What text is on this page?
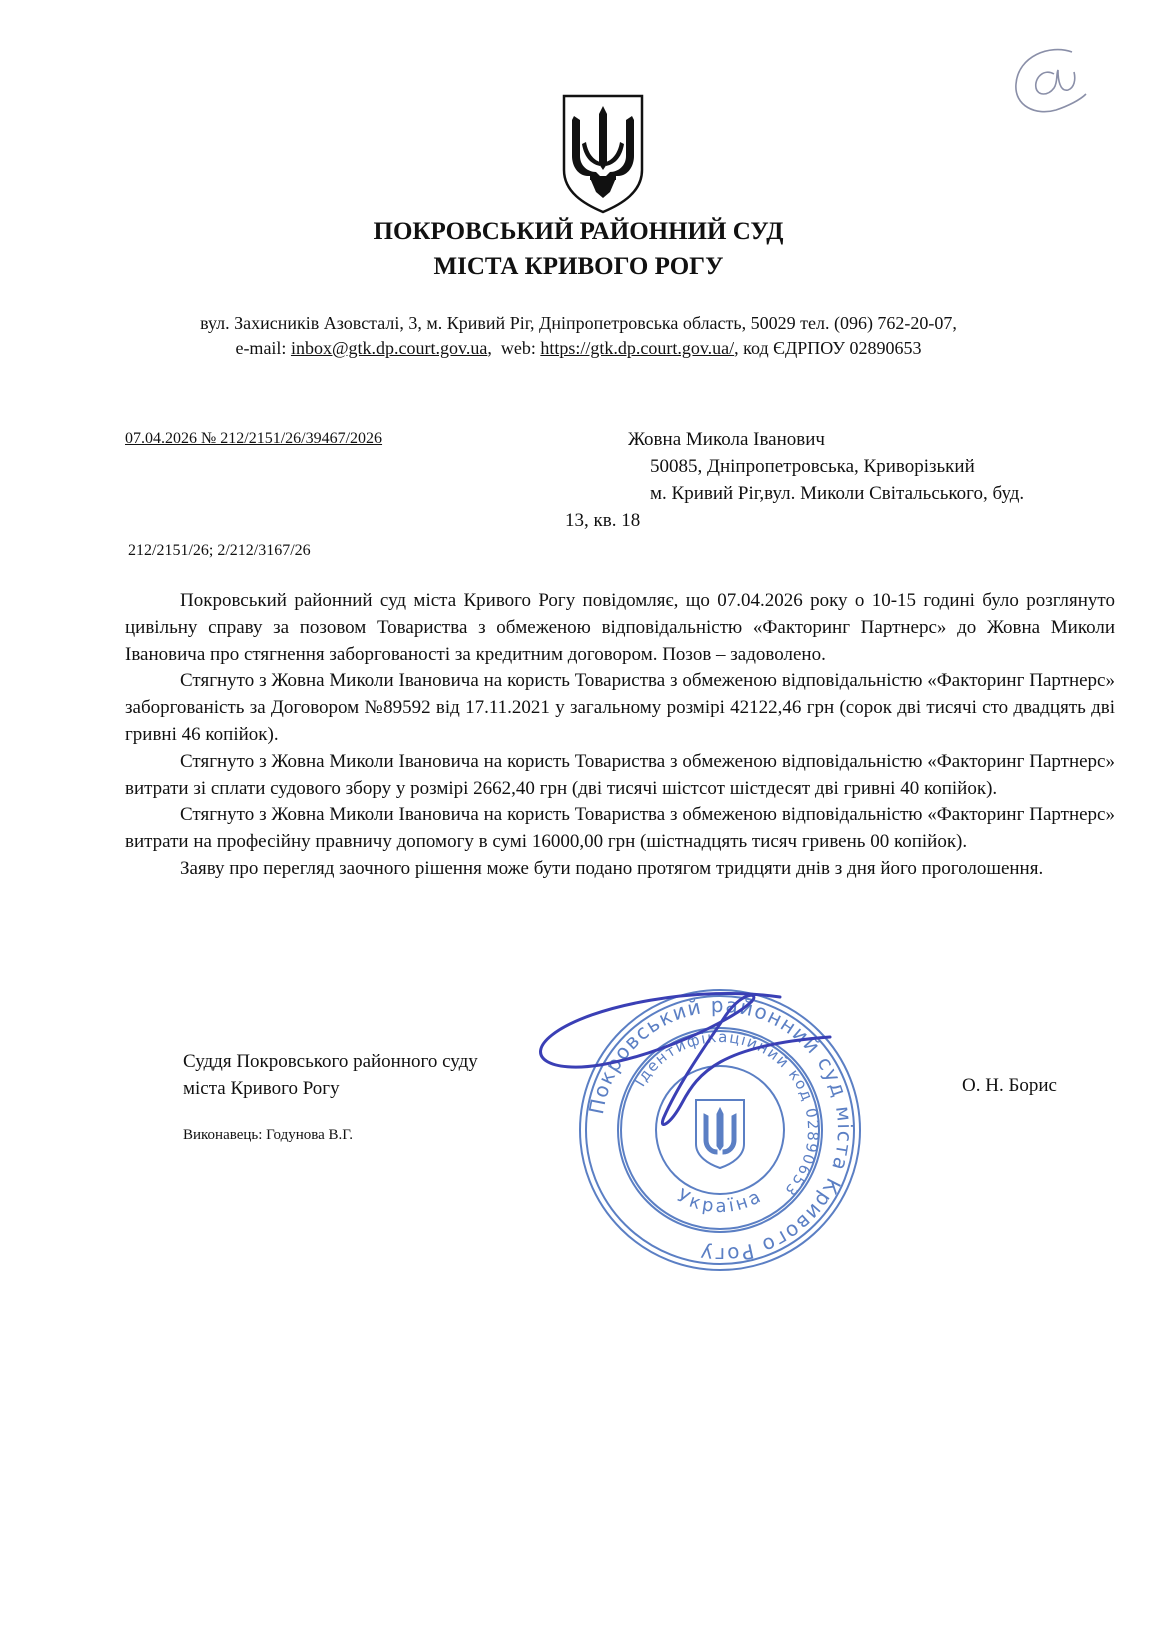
ПОКРОВСЬКИЙ РАЙОННИЙ СУД
МІСТА КРИВОГО РОГУ
вул. Захисників Азовсталі, 3, м. Кривий Ріг, Дніпропетровська область, 50029 тел. (096) 762-20-07,
e-mail: inbox@gtk.dp.court.gov.ua,  web: https://gtk.dp.court.gov.ua/, код ЄДРПОУ 02890653
07.04.2026 № 212/2151/26/39467/2026	Жовна Микола Іванович
50085, Дніпропетровська, Криворізький
м. Кривий Ріг,вул. Миколи Світальського, буд.
13, кв. 18
212/2151/26; 2/212/3167/26

Покровський районний суд міста Кривого Рогу повідомляє, що 07.04.2026 року о 10-15 годині було розглянуто цивільну справу за позовом Товариства з обмеженою відповідальністю «Факторинг Партнерс» до Жовна Миколи Івановича про стягнення заборгованості за кредитним договором. Позов – задоволено.

Стягнуто з Жовна Миколи Івановича на користь Товариства з обмеженою відповідальністю «Факторинг Партнерс» заборгованість за Договором №89592 від 17.11.2021 у загальному розмірі 42122,46 грн (сорок дві тисячі сто двадцять дві гривні 46 копійок).

Стягнуто з Жовна Миколи Івановича на користь Товариства з обмеженою відповідальністю «Факторинг Партнерс» витрати зі сплати судового збору у розмірі 2662,40 грн (дві тисячі шістсот шістдесят дві гривні 40 копійок).

Стягнуто з Жовна Миколи Івановича на користь Товариства з обмеженою відповідальністю «Факторинг Партнерс» витрати на професійну правничу допомогу в сумі 16000,00 грн (шістнадцять тисяч гривень 00 копійок).

Заяву про перегляд заочного рішення може бути подано протягом тридцяти днів з дня його проголошення.

Покровський районний суд міста Кривого Рогу
Ідентифікаційний код 02890653
Україна
Суддя Покровського районного суду
міста Кривого Рогу	О. Н. Борис
Виконавець: Годунова В.Г.
